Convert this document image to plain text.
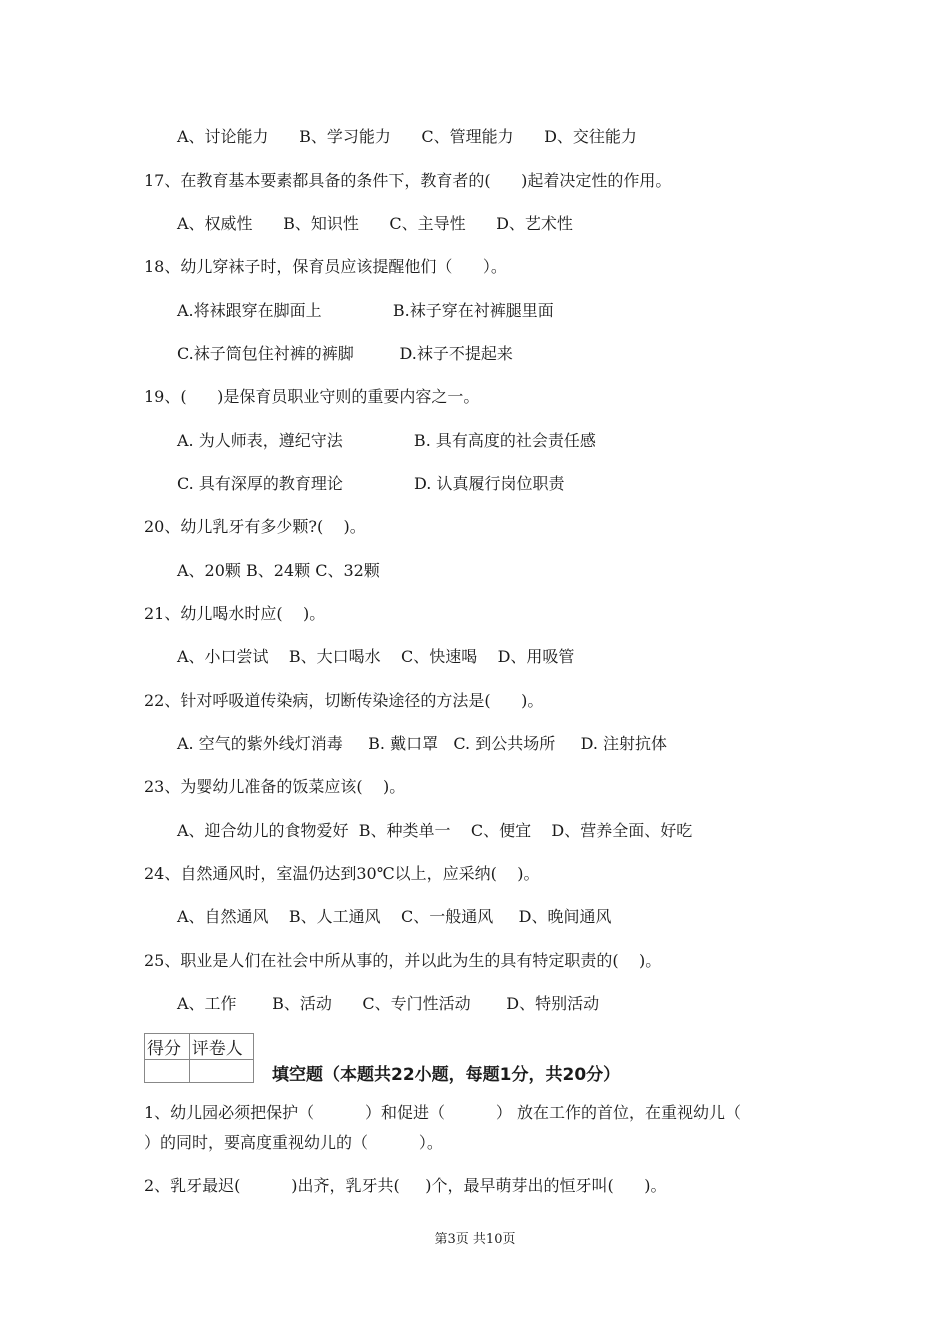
A、讨论能力      B、学习能力      C、管理能力      D、交往能力
17、在教育基本要素都具备的条件下，教育者的(      )起着决定性的作用。
A、权威性      B、知识性      C、主导性      D、艺术性
18、幼儿穿袜子时，保育员应该提醒他们（      ）。
A.将袜跟穿在脚面上              B.袜子穿在衬裤腿里面
C.袜子筒包住衬裤的裤脚         D.袜子不提起来
19、(      )是保育员职业守则的重要内容之一。
A. 为人师表，遵纪守法              B. 具有高度的社会责任感
C. 具有深厚的教育理论              D. 认真履行岗位职责
20、幼儿乳牙有多少颗?(    )。
A、20颗 B、24颗 C、32颗
21、幼儿喝水时应(    )。
A、小口尝试    B、大口喝水    C、快速喝    D、用吸管
22、针对呼吸道传染病，切断传染途径的方法是(      )。
A. 空气的紫外线灯消毒     B. 戴口罩   C. 到公共场所     D. 注射抗体
23、为婴幼儿准备的饭菜应该(    )。
A、迎合幼儿的食物爱好  B、种类单一    C、便宜    D、营养全面、好吃
24、自然通风时，室温仍达到30℃以上，应采纳(    )。
A、自然通风    B、人工通风    C、一般通风     D、晚间通风
25、职业是人们在社会中所从事的，并以此为生的具有特定职责的(    )。
A、工作       B、活动      C、专门性活动       D、特别活动
得分	评卷人

填空题（本题共22小题，每题1分，共20分）
1、幼儿园必须把保护（          ）和促进（          ） 放在工作的首位，在重视幼儿（
）的同时，要高度重视幼儿的（          ）。
2、乳牙最迟(          )出齐，乳牙共(     )个，最早萌芽出的恒牙叫(      )。
第3页 共10页
